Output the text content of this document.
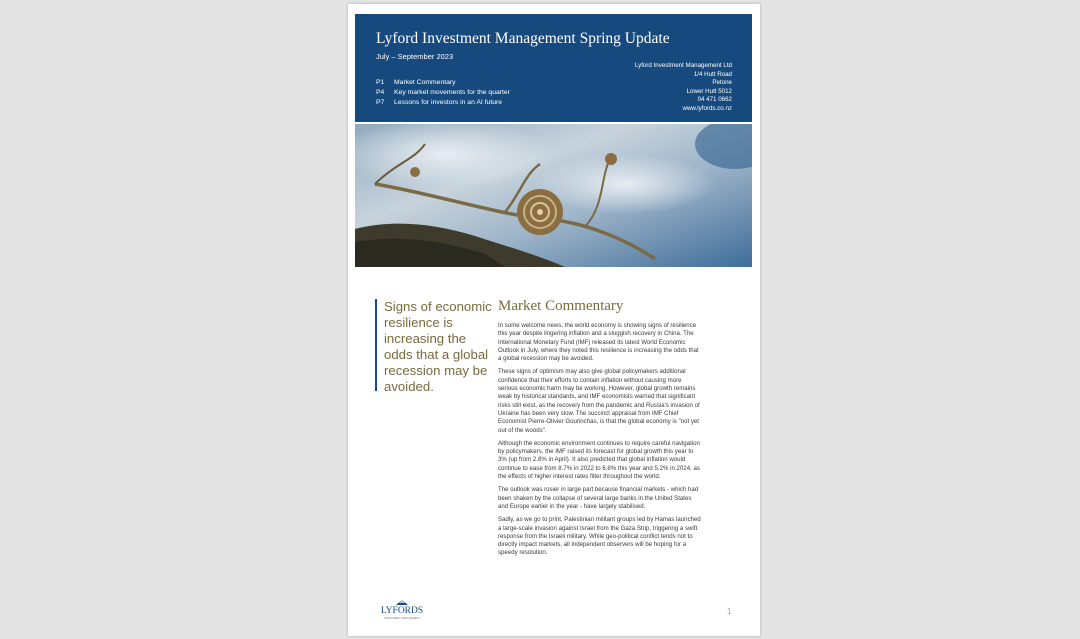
Lyford Investment Management Spring Update
July – September 2023
P1	Market Commentary
P4	Key market movements for the quarter
P7	Lessons for investors in an AI future
Lyford Investment Management Ltd
1/4 Hutt Road
Petone
Lower Hutt 5012
04 471 0662
www.lyfords.co.nz
Signs of economic resilience is increasing the odds that a global recession may be avoided.
Market Commentary

In some welcome news, the world economy is showing signs of resilience this year despite lingering inflation and a sluggish recovery in China. The International Monetary Fund (IMF) released its latest World Economic Outlook in July, where they noted this resilience is increasing the odds that a global recession may be avoided.

These signs of optimism may also give global policymakers additional confidence that their efforts to contain inflation without causing more serious economic harm may be working. However, global growth remains weak by historical standards, and IMF economists warned that significant risks still exist, as the recovery from the pandemic and Russia's invasion of Ukraine has been very slow. The succinct appraisal from IMF Chief Economist Pierre-Olivier Gourinchas, is that the global economy is "not yet out of the woods".

Although the economic environment continues to require careful navigation by policymakers, the IMF raised its forecast for global growth this year to 3% (up from 2.8% in April). It also predicted that global inflation would continue to ease from 8.7% in 2022 to 6.8% this year and 5.2% in 2024, as the effects of higher interest rates filter throughout the world.

The outlook was rosier in large part because financial markets - which had been shaken by the collapse of several large banks in the United States and Europe earlier in the year - have largely stabilised.

Sadly, as we go to print, Palestinian militant groups led by Hamas launched a large-scale invasion against Israel from the Gaza Strip, triggering a swift response from the Israeli military. While geo-political conflict tends not to directly impact markets, all independent observers will be hoping for a speedy resolution.

LYFORDS
INVESTMENT MANAGEMENT
1
